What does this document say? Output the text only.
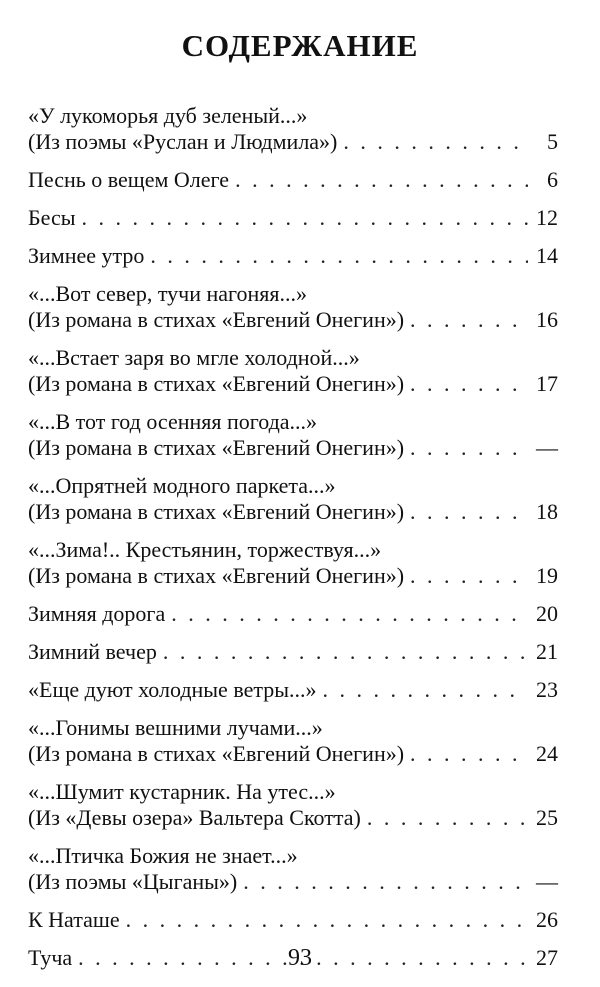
СОДЕРЖАНИЕ
«У лукоморья дуб зеленый...»
(Из поэмы «Руслан и Людмила») . . .	5
Песнь о вещем Олеге . . .	6
Бесы . . .	12
Зимнее утро . . .	14
«...Вот север, тучи нагоняя...»
(Из романа в стихах «Евгений Онегин») . . .	16
«...Встает заря во мгле холодной...»
(Из романа в стихах «Евгений Онегин») . . .	17
«...В тот год осенняя погода...»
(Из романа в стихах «Евгений Онегин») . . .	—
«...Опрятней модного паркета...»
(Из романа в стихах «Евгений Онегин») . . .	18
«...Зима!.. Крестьянин, торжествуя...»
(Из романа в стихах «Евгений Онегин») . . .	19
Зимняя дорога . . .	20
Зимний вечер . . .	21
«Еще дуют холодные ветры...» . . .	23
«...Гонимы вешними лучами...»
(Из романа в стихах «Евгений Онегин») . . .	24
«...Шумит кустарник. На утес...»
(Из «Девы озера» Вальтера Скотта) . . .	25
«...Птичка Божия не знает...»
(Из поэмы «Цыганы») . . .	—
К Наташе . . .	26
Туча . . .	27

93
